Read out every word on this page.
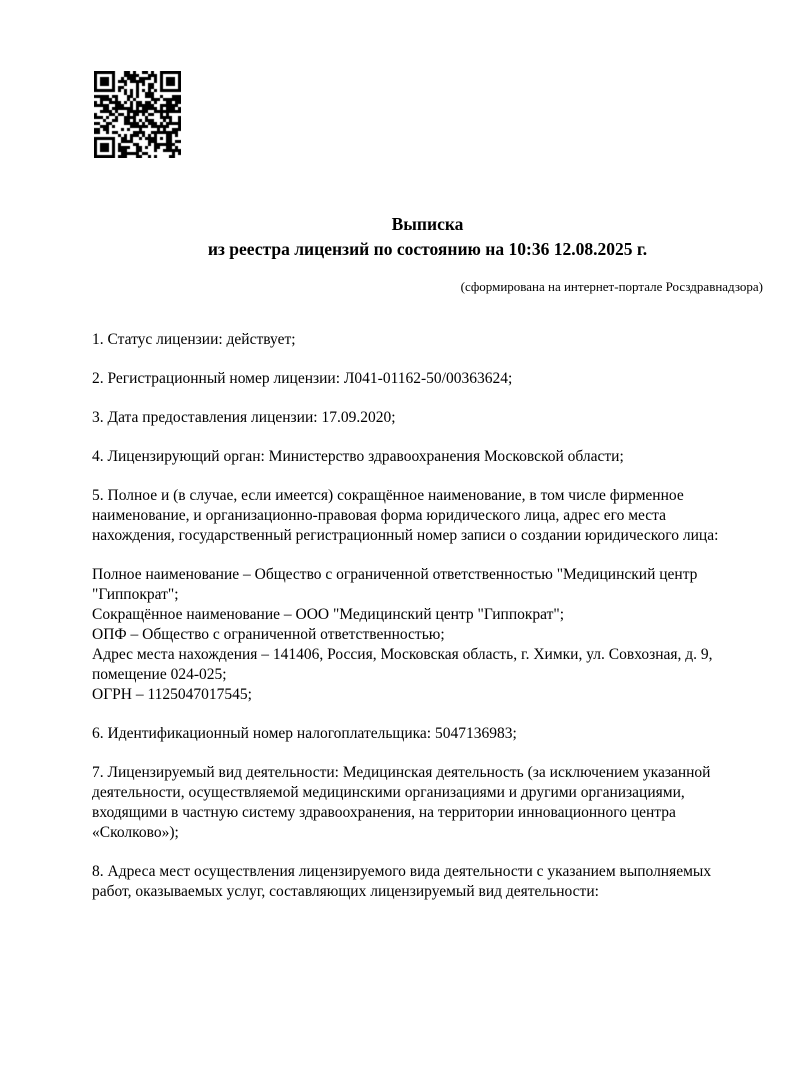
Выписка
из реестра лицензий по состоянию на 10:36 12.08.2025 г.
(сформирована на интернет-портале Росздравнадзора)

1. Статус лицензии: действует;

2. Регистрационный номер лицензии: Л041-01162-50/00363624;

3. Дата предоставления лицензии: 17.09.2020;

4. Лицензирующий орган: Министерство здравоохранения Московской области;

5. Полное и (в случае, если имеется) сокращённое наименование, в том числе фирменное наименование, и организационно-правовая форма юридического лица, адрес его места нахождения, государственный регистрационный номер записи о создании юридического лица:

Полное наименование – Общество с ограниченной ответственностью "Медицинский центр "Гиппократ";
Сокращённое наименование – ООО "Медицинский центр "Гиппократ";
ОПФ – Общество с ограниченной ответственностью;
Адрес места нахождения – 141406, Россия, Московская область, г. Химки, ул. Совхозная, д. 9, помещение 024-025;
ОГРН – 1125047017545;

6. Идентификационный номер налогоплательщика: 5047136983;

7. Лицензируемый вид деятельности: Медицинская деятельность (за исключением указанной деятельности, осуществляемой медицинскими организациями и другими организациями, входящими в частную систему здравоохранения, на территории инновационного центра «Сколково»);

8. Адреса мест осуществления лицензируемого вида деятельности с указанием выполняемых работ, оказываемых услуг, составляющих лицензируемый вид деятельности:
